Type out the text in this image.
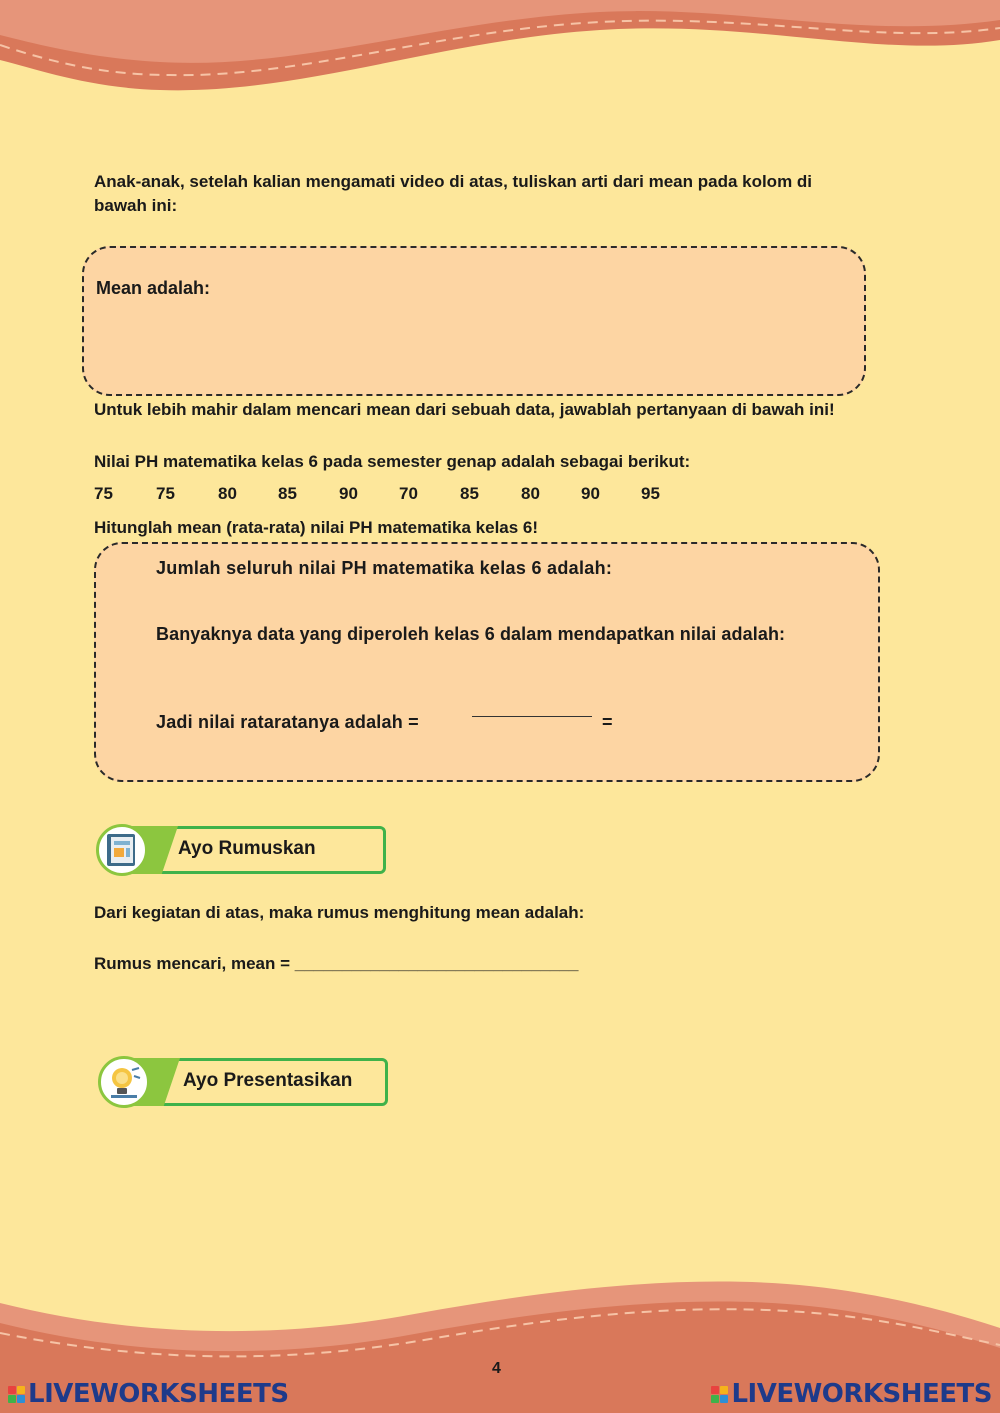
Anak-anak, setelah kalian mengamati video di atas, tuliskan arti dari mean pada kolom di
bawah ini:
Mean adalah:
Untuk lebih mahir dalam mencari mean dari sebuah data, jawablah pertanyaan di bawah ini!
Nilai PH matematika kelas 6 pada semester genap adalah sebagai berikut:
75	75	80	85	90	70	85	80	90	95
Hitunglah mean (rata-rata) nilai PH matematika kelas 6!
Jumlah seluruh nilai PH matematika kelas 6 adalah:
Banyaknya data yang diperoleh kelas 6 dalam mendapatkan nilai adalah:
Jadi nilai rataratanya adalah =	=
Ayo Rumuskan
Dari kegiatan di atas, maka rumus menghitung mean adalah:
Rumus mencari, mean = ______________________________
Ayo Presentasikan
4
LIVEWORKSHEETS	LIVEWORKSHEETS
